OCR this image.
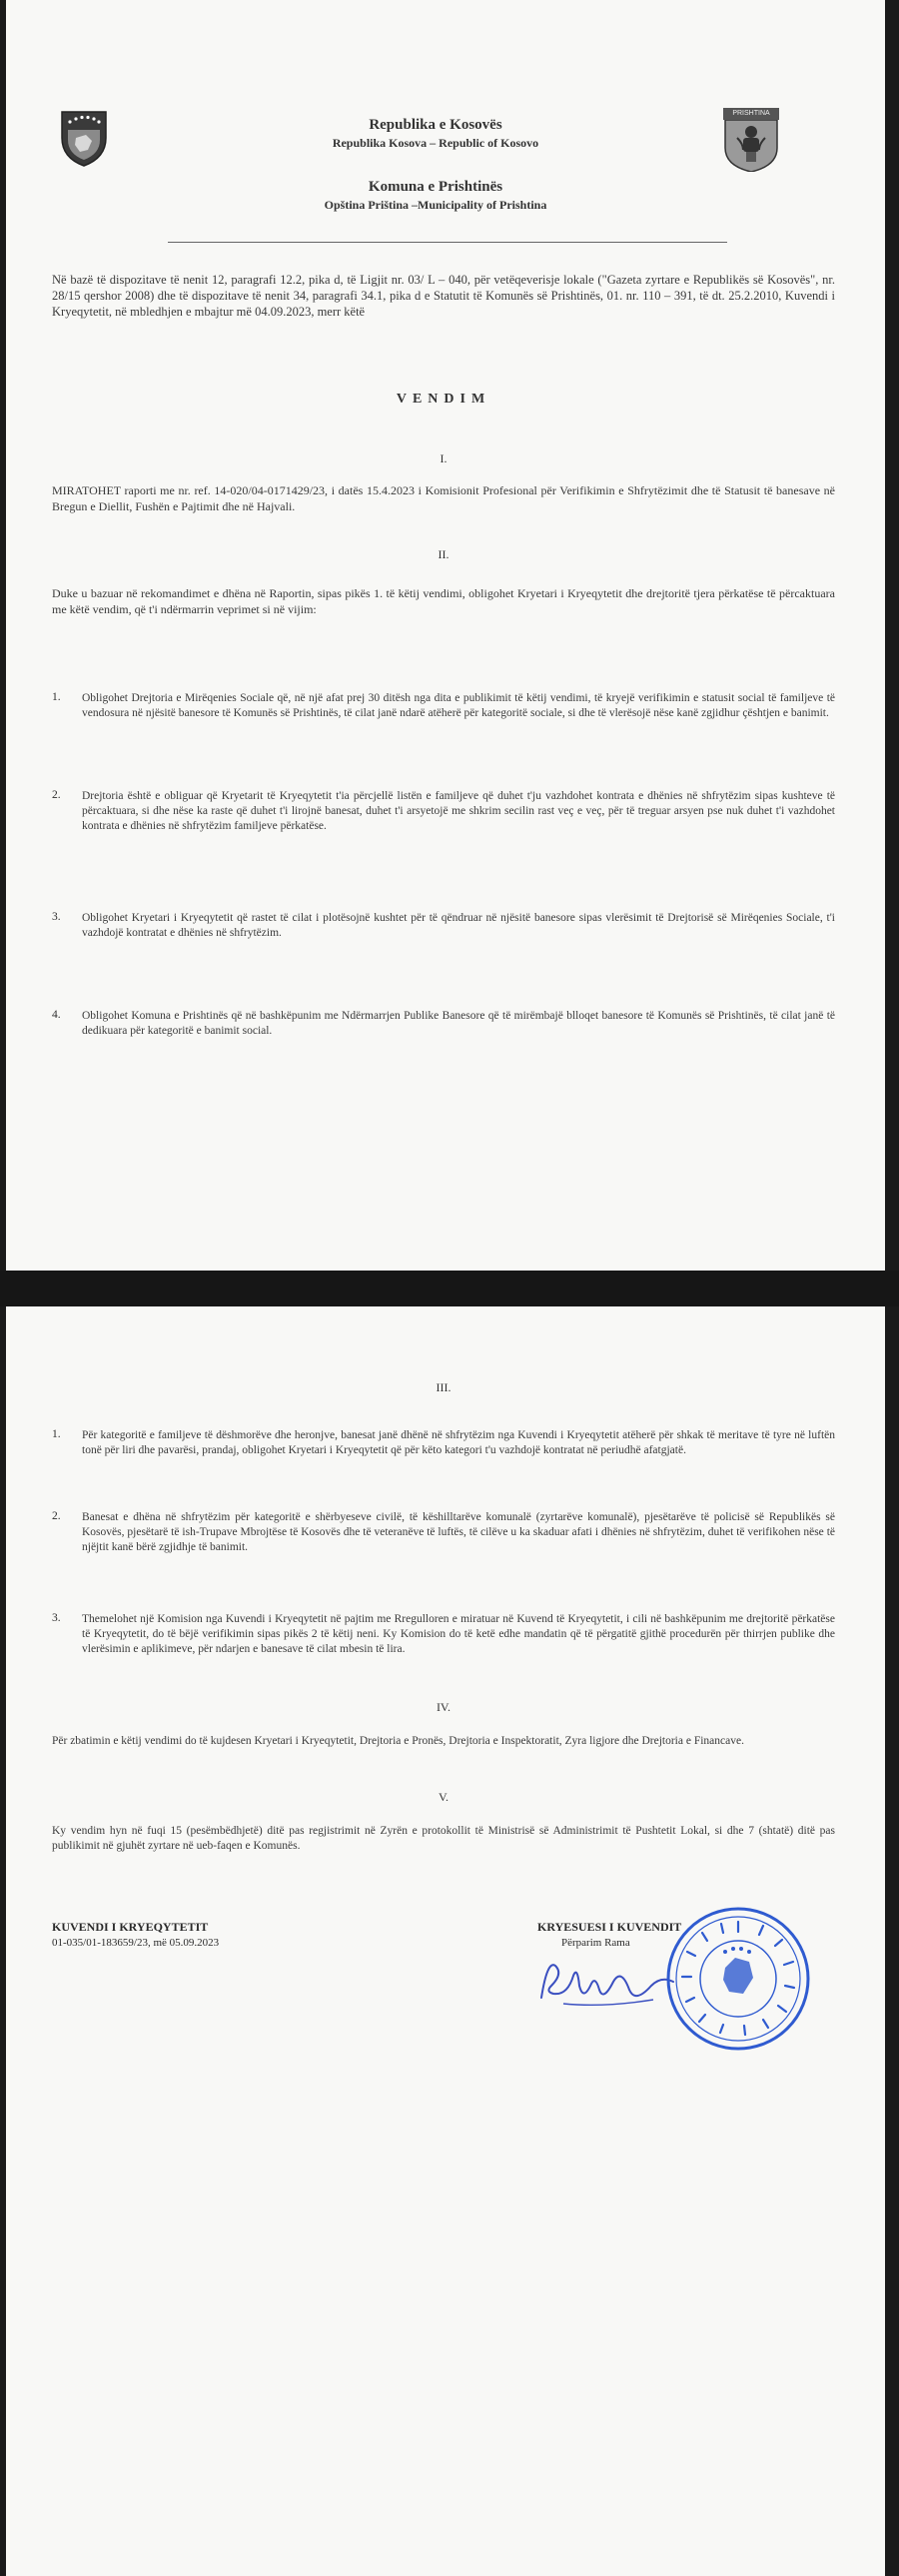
PRISHTINA
Republika e Kosovës
Republika Kosova – Republic of Kosovo
Komuna e Prishtinës
Opština Priština –Municipality of Prishtina
Në bazë të dispozitave të nenit 12, paragrafi 12.2, pika d, të Ligjit nr. 03/ L – 040, për vetëqeverisje lokale ("Gazeta zyrtare e Republikës së Kosovës", nr. 28/15 qershor 2008) dhe të dispozitave të nenit 34, paragrafi 34.1, pika d e Statutit të Komunës së Prishtinës, 01. nr. 110 – 391, të dt. 25.2.2010, Kuvendi i Kryeqytetit, në mbledhjen e mbajtur më 04.09.2023, merr këtë
VENDIM
I.
MIRATOHET raporti me nr. ref. 14-020/04-0171429/23, i datës 15.4.2023 i Komisionit Profesional për Verifikimin e Shfrytëzimit dhe të Statusit të banesave në Bregun e Diellit, Fushën e Pajtimit dhe në Hajvali.
II.
Duke u bazuar në rekomandimet e dhëna në Raportin, sipas pikës 1. të këtij vendimi, obligohet Kryetari i Kryeqytetit dhe drejtoritë tjera përkatëse të përcaktuara me këtë vendim, që t'i ndërmarrin veprimet si në vijim:
1. Obligohet Drejtoria e Mirëqenies Sociale që, në një afat prej 30 ditësh nga dita e publikimit të këtij vendimi, të kryejë verifikimin e statusit social të familjeve të vendosura në njësitë banesore të Komunës së Prishtinës, të cilat janë ndarë atëherë për kategoritë sociale, si dhe të vlerësojë nëse kanë zgjidhur çështjen e banimit.
2. Drejtoria është e obliguar që Kryetarit të Kryeqytetit t'ia përcjellë listën e familjeve që duhet t'ju vazhdohet kontrata e dhënies në shfrytëzim sipas kushteve të përcaktuara, si dhe nëse ka raste që duhet t'i lirojnë banesat, duhet t'i arsyetojë me shkrim secilin rast veç e veç, për të treguar arsyen pse nuk duhet t'i vazhdohet kontrata e dhënies në shfrytëzim familjeve përkatëse.
3. Obligohet Kryetari i Kryeqytetit që rastet të cilat i plotësojnë kushtet për të qëndruar në njësitë banesore sipas vlerësimit të Drejtorisë së Mirëqenies Sociale, t'i vazhdojë kontratat e dhënies në shfrytëzim.
4. Obligohet Komuna e Prishtinës që në bashkëpunim me Ndërmarrjen Publike Banesore që të mirëmbajë blloqet banesore të Komunës së Prishtinës, të cilat janë të dedikuara për kategoritë e banimit social.
III.
1. Për kategoritë e familjeve të dëshmorëve dhe heronjve, banesat janë dhënë në shfrytëzim nga Kuvendi i Kryeqytetit atëherë për shkak të meritave të tyre në luftën tonë për liri dhe pavarësi, prandaj, obligohet Kryetari i Kryeqytetit që për këto kategori t'u vazhdojë kontratat në periudhë afatgjatë.
2. Banesat e dhëna në shfrytëzim për kategoritë e shërbyeseve civilë, të këshilltarëve komunalë (zyrtarëve komunalë), pjesëtarëve të policisë së Republikës së Kosovës, pjesëtarë të ish-Trupave Mbrojtëse të Kosovës dhe të veteranëve të luftës, të cilëve u ka skaduar afati i dhënies në shfrytëzim, duhet të verifikohen nëse të njëjtit kanë bërë zgjidhje të banimit.
3. Themelohet një Komision nga Kuvendi i Kryeqytetit në pajtim me Rregulloren e miratuar në Kuvend të Kryeqytetit, i cili në bashkëpunim me drejtoritë përkatëse të Kryeqytetit, do të bëjë verifikimin sipas pikës 2 të këtij neni. Ky Komision do të ketë edhe mandatin që të përgatitë gjithë procedurën për thirrjen publike dhe vlerësimin e aplikimeve, për ndarjen e banesave të cilat mbesin të lira.
IV.
Për zbatimin e këtij vendimi do të kujdesen Kryetari i Kryeqytetit, Drejtoria e Pronës, Drejtoria e Inspektoratit, Zyra ligjore dhe Drejtoria e Financave.
V.
Ky vendim hyn në fuqi 15 (pesëmbëdhjetë) ditë pas regjistrimit në Zyrën e protokollit të Ministrisë së Administrimit të Pushtetit Lokal, si dhe 7 (shtatë) ditë pas publikimit në gjuhët zyrtare në ueb-faqen e Komunës.
KUVENDI I KRYEQYTETIT
01-035/01-183659/23, më 05.09.2023
KRYESUESI I KUVENDIT
Përparim Rama
